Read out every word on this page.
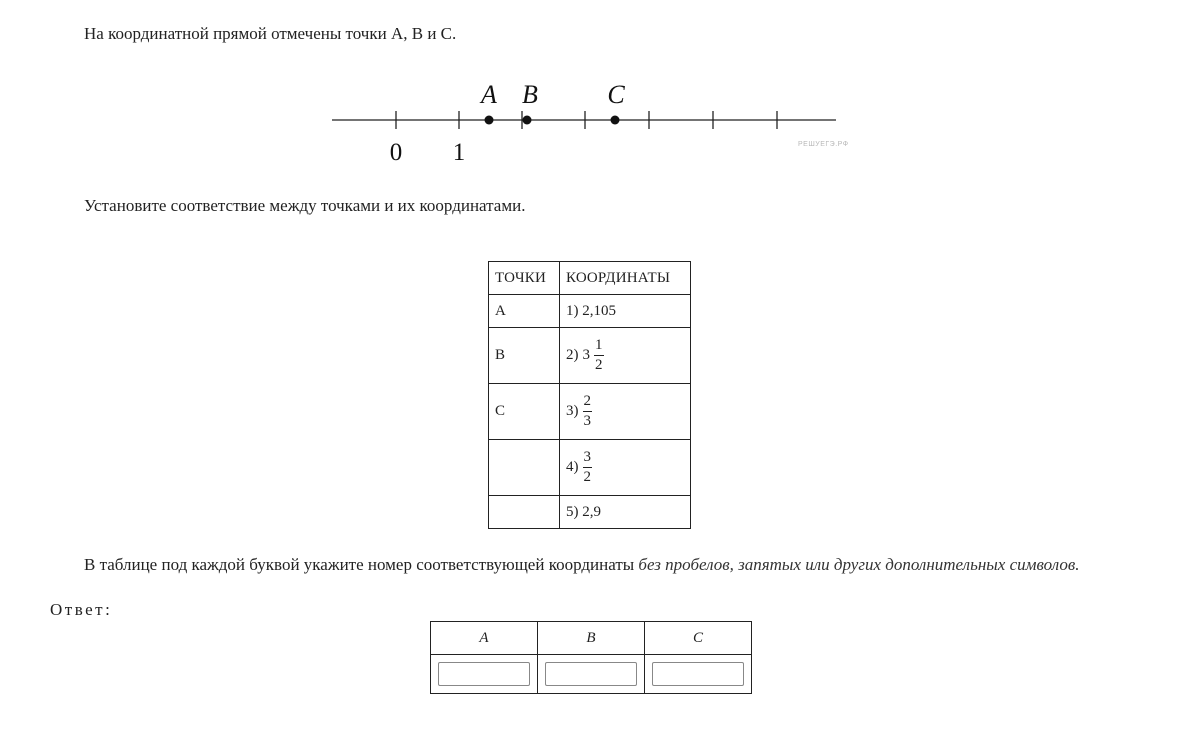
На координатной прямой отмечены точки A, B и C.

A B	C
0 1	РЕШУЕГЭ.РФ

Установите соответствие между точками и их координатами.

ТОЧКИ	КООРДИНАТЫ
A	1) 2,105
B	2) $3 \frac{1}{2}$

C	$3) \frac{2}{3}$

	$4) \frac{3}{2}$

	5) 2,9

В таблице под каждой буквой укажите номер соответствующей координаты без пробелов, запятых или других дополнительных символов.

Ответ:

A	B	C
